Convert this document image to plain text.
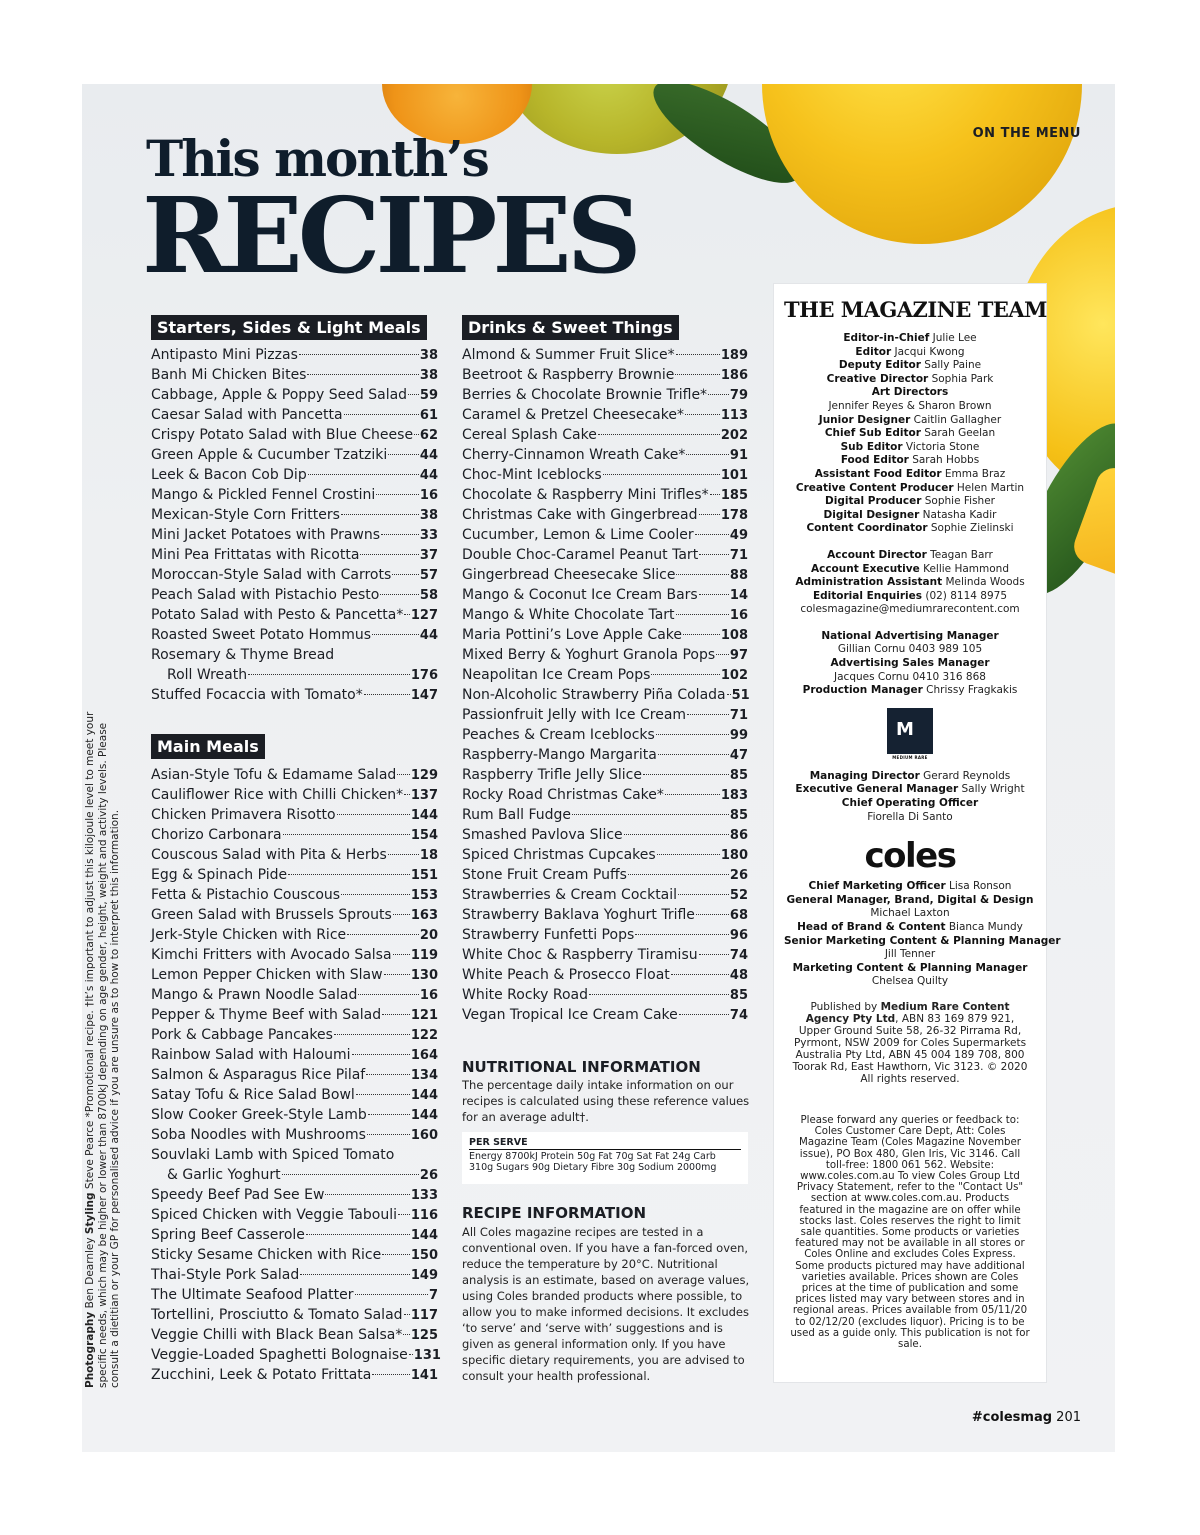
ON THE MENU
This month’s
RECIPES
Starters, Sides & Light Meals
Antipasto Mini Pizzas	38
Banh Mi Chicken Bites	38
Cabbage, Apple & Poppy Seed Salad 59
Caesar Salad with Pancetta	61
Crispy Potato Salad with Blue Cheese 62
Green Apple & Cucumber Tzatziki	44
Leek & Bacon Cob Dip	44
Mango & Pickled Fennel Crostini	16
Mexican-Style Corn Fritters	38
Mini Jacket Potatoes with Prawns	33
Mini Pea Frittatas with Ricotta	37
Moroccan-Style Salad with Carrots 57
Peach Salad with Pistachio Pesto	58
Potato Salad with Pesto & Pancetta* 127
Roasted Sweet Potato Hommus	44
Rosemary & Thyme Bread
Roll Wreath	176
Stuffed Focaccia with Tomato*	147
Drinks & Sweet Things
Almond & Summer Fruit Slice*	189
Beetroot & Raspberry Brownie	186
Berries & Chocolate Brownie Trifle* 79
Caramel & Pretzel Cheesecake*	113
Cereal Splash Cake	202
Cherry-Cinnamon Wreath Cake*	91
Choc-Mint Iceblocks	101
Chocolate & Raspberry Mini Trifles* 185
Christmas Cake with Gingerbread 178
Cucumber, Lemon & Lime Cooler	49
Double Choc-Caramel Peanut Tart 71
Gingerbread Cheesecake Slice	88
Mango & Coconut Ice Cream Bars 14
Mango & White Chocolate Tart	16
Maria Pottini’s Love Apple Cake	108
Mixed Berry & Yoghurt Granola Pops 97
Neapolitan Ice Cream Pops	102
Non-Alcoholic Strawberry Piña Colada 51
Passionfruit Jelly with Ice Cream	71
Peaches & Cream Iceblocks	99
Raspberry-Mango Margarita	47
Raspberry Trifle Jelly Slice	85
Rocky Road Christmas Cake*	183
Rum Ball Fudge	85
Smashed Pavlova Slice	86
Spiced Christmas Cupcakes	180
Stone Fruit Cream Puffs	26
Strawberries & Cream Cocktail	52
Strawberry Baklava Yoghurt Trifle	68
Strawberry Funfetti Pops	96
White Choc & Raspberry Tiramisu 74
White Peach & Prosecco Float	48
White Rocky Road	85
Vegan Tropical Ice Cream Cake	74
Main Meals
Asian-Style Tofu & Edamame Salad 129
Cauliflower Rice with Chilli Chicken* 137
Chicken Primavera Risotto	144
Chorizo Carbonara	154
Couscous Salad with Pita & Herbs	18
Egg & Spinach Pide	151
Fetta & Pistachio Couscous	153
Green Salad with Brussels Sprouts 163
Jerk-Style Chicken with Rice	20
Kimchi Fritters with Avocado Salsa 119
Lemon Pepper Chicken with Slaw 130
Mango & Prawn Noodle Salad	16
Pepper & Thyme Beef with Salad 121
Pork & Cabbage Pancakes	122
Rainbow Salad with Haloumi	164
Salmon & Asparagus Rice Pilaf	134
Satay Tofu & Rice Salad Bowl	144
Slow Cooker Greek-Style Lamb	144
Soba Noodles with Mushrooms	160
Souvlaki Lamb with Spiced Tomato
& Garlic Yoghurt	26
Speedy Beef Pad See Ew	133
Spiced Chicken with Veggie Tabouli 116
Spring Beef Casserole	144
Sticky Sesame Chicken with Rice 150
Thai-Style Pork Salad	149
The Ultimate Seafood Platter	7
Tortellini, Prosciutto & Tomato Salad 117
Veggie Chilli with Black Bean Salsa* 125
Veggie-Loaded Spaghetti Bolognaise 131
Zucchini, Leek & Potato Frittata	141
NUTRITIONAL INFORMATION
The percentage daily intake information on our recipes is calculated using these reference values for an average adult†.
PER SERVE
Energy 8700kJ Protein 50g Fat 70g Sat Fat 24g Carb
310g Sugars 90g Dietary Fibre 30g Sodium 2000mg
RECIPE INFORMATION
All Coles magazine recipes are tested in a conventional oven. If you have a fan-forced oven, reduce the temperature by 20°C. Nutritional analysis is an estimate, based on average values, using Coles branded products where possible, to allow you to make informed decisions. It excludes ‘to serve’ and ‘serve with’ suggestions and is given as general information only. If you have specific dietary requirements, you are advised to consult your health professional.
THE MAGAZINE TEAM
Editor-in-Chief Julie Lee
Editor Jacqui Kwong
Deputy Editor Sally Paine
Creative Director Sophia Park
Art Directors
Jennifer Reyes & Sharon Brown
Junior Designer Caitlin Gallagher
Chief Sub Editor Sarah Geelan
Sub Editor Victoria Stone
Food Editor Sarah Hobbs
Assistant Food Editor Emma Braz
Creative Content Producer Helen Martin
Digital Producer Sophie Fisher
Digital Designer Natasha Kadir
Content Coordinator Sophie Zielinski
Account Director Teagan Barr
Account Executive Kellie Hammond
Administration Assistant Melinda Woods
Editorial Enquiries (02) 8114 8975
colesmagazine@mediumrarecontent.com
National Advertising Manager
Gillian Cornu 0403 989 105
Advertising Sales Manager
Jacques Cornu 0410 316 868
Production Manager Chrissy Fragkakis
M
MEDIUM RARE
Managing Director Gerard Reynolds
Executive General Manager Sally Wright
Chief Operating Officer
Fiorella Di Santo
coles
Chief Marketing Officer Lisa Ronson
General Manager, Brand, Digital & Design
Michael Laxton
Head of Brand & Content Bianca Mundy
Senior Marketing Content & Planning Manager
Jill Tenner
Marketing Content & Planning Manager
Chelsea Quilty
Published by Medium Rare Content Agency Pty Ltd, ABN 83 169 879 921, Upper Ground Suite 58, 26-32 Pirrama Rd, Pyrmont, NSW 2009 for Coles Supermarkets Australia Pty Ltd, ABN 45 004 189 708, 800 Toorak Rd, East Hawthorn, Vic 3123. © 2020 All rights reserved.
Please forward any queries or feedback to: Coles Customer Care Dept, Att: Coles Magazine Team (Coles Magazine November issue), PO Box 480, Glen Iris, Vic 3146. Call toll-free: 1800 061 562. Website: www.coles.com.au To view Coles Group Ltd Privacy Statement, refer to the "Contact Us" section at www.coles.com.au. Products featured in the magazine are on offer while stocks last. Coles reserves the right to limit sale quantities. Some products or varieties featured may not be available in all stores or Coles Online and excludes Coles Express. Some products pictured may have additional varieties available. Prices shown are Coles prices at the time of publication and some prices listed may vary between stores and in regional areas. Prices available from 05/11/20 to 02/12/20 (excludes liquor). Pricing is to be used as a guide only. This publication is not for sale.
#colesmag 201
Photography Ben Dearnley Styling Steve Pearce *Promotional recipe. †It’s important to adjust this kilojoule level to meet your specific needs, which may be higher or lower than 8700kJ depending on age gender, height, weight and activity levels. Please consult a dietitian or your GP for personalised advice if you are unsure as to how to interpret this information.
